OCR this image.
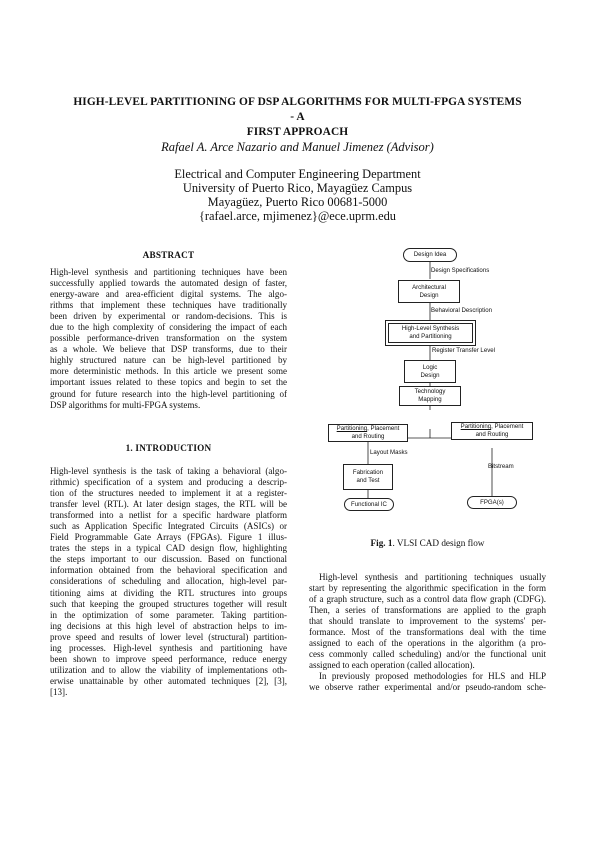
HIGH-LEVEL PARTITIONING OF DSP ALGORITHMS FOR MULTI-FPGA SYSTEMS - A
FIRST APPROACH
Rafael A. Arce Nazario and Manuel Jimenez (Advisor)
Electrical and Computer Engineering Department
University of Puerto Rico, Mayagüez Campus
Mayagüez, Puerto Rico 00681-5000
{rafael.arce, mjimenez}@ece.uprm.edu
ABSTRACT
High-level synthesis and partitioning techniques have been
successfully applied towards the automated design of faster,
energy-aware and area-efficient digital systems. The algo-
rithms that implement these techniques have traditionally
been driven by experimental or random-decisions. This is
due to the high complexity of considering the impact of each
possible performance-driven transformation on the system
as a whole. We believe that DSP transforms, due to their
highly structured nature can be high-level partitioned by
more deterministic methods. In this article we present some
important issues related to these topics and begin to set the
ground for future research into the high-level partitioning of
DSP algorithms for multi-FPGA systems.
1. INTRODUCTION
High-level synthesis is the task of taking a behavioral (algo-
rithmic) specification of a system and producing a descrip-
tion of the structures needed to implement it at a register-
transfer level (RTL). At later design stages, the RTL will be
transformed into a netlist for a specific hardware platform
such as Application Specific Integrated Circuits (ASICs) or
Field Programmable Gate Arrays (FPGAs). Figure 1 illus-
trates the steps in a typical CAD design flow, highlighting
the steps important to our discussion. Based on functional
information obtained from the behavioral specification and
considerations of scheduling and allocation, high-level par-
titioning aims at dividing the RTL structures into groups
such that keeping the grouped structures together will result
in the optimization of some parameter. Taking partition-
ing decisions at this high level of abstraction helps to im-
prove speed and results of lower level (structural) partition-
ing processes. High-level synthesis and partitioning have
been shown to improve speed performance, reduce energy
utilization and to allow the viability of implementations oth-
erwise unattainable by other automated techniques [2], [3],
[13].
Design Idea
Design Specifications
Architectural
Design
Behavioral Description
High-Level Synthesis
and Partitioning
Register Transfer Level
Logic
Design
Technology
Mapping
Partitioning, Placement
and Routing
Partitioning, Placement
and Routing
Layout Masks
Bitstream
Fabrication
and Test
Functional IC	FPGA(s)
Fig. 1. VLSI CAD design flow
High-level synthesis and partitioning techniques usually
start by representing the algorithmic specification in the form
of a graph structure, such as a control data flow graph (CDFG).
Then, a series of transformations are applied to the graph
that should translate to improvement to the systems' per-
formance. Most of the transformations deal with the time
assigned to each of the operations in the algorithm (a pro-
cess commonly called scheduling) and/or the functional unit
assigned to each operation (called allocation).
In previously proposed methodologies for HLS and HLP
we observe rather experimental and/or pseudo-random sche-
